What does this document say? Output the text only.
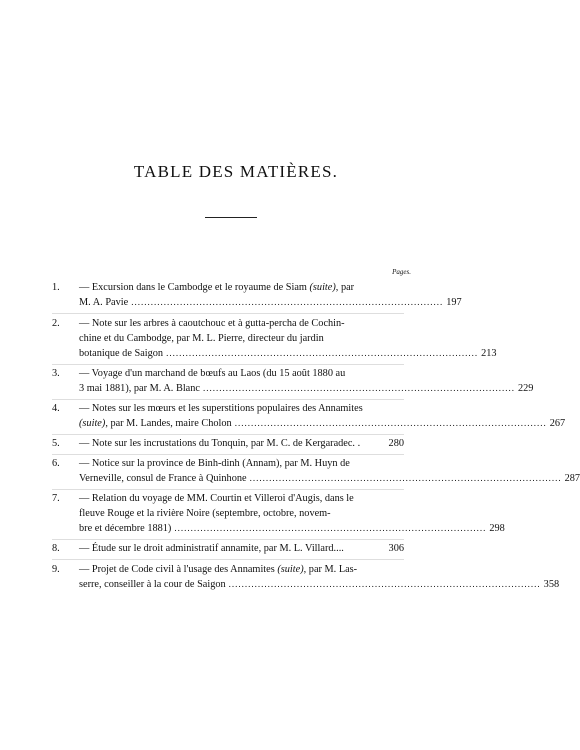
TABLE DES MATIÈRES.
Pages.
1. — Excursion dans le Cambodge et le royaume de Siam (suite), par
M. A. Pavie ................................................................................................ 197
2. — Note sur les arbres à caoutchouc et à gutta-percha de Cochin-
chine et du Cambodge, par M. L. Pierre, directeur du jardin
botanique de Saigon ................................................................................................ 213
3. — Voyage d'un marchand de bœufs au Laos (du 15 août 1880 au
3 mai 1881), par M. A. Blanc ................................................................................................ 229
4. — Notes sur les mœurs et les superstitions populaires des Annamites
(suite), par M. Landes, maire Cholon ................................................................................................ 267
5. — Note sur les incrustations du Tonquin, par M. C. de Kergaradec. .	280
6. — Notice sur la province de Binh-dinh (Annam), par M. Huyn de
Verneville, consul de France à Quinhone ................................................................................................ 287
7. — Relation du voyage de MM. Courtin et Villeroi d'Augis, dans le
fleuve Rouge et la rivière Noire (septembre, octobre, novem-
bre et décembre 1881) ................................................................................................ 298
8. — Étude sur le droit administratif annamite, par M. L. Villard....	306
9. — Projet de Code civil à l'usage des Annamites (suite), par M. Las-
serre, conseiller à la cour de Saigon ................................................................................................ 358
